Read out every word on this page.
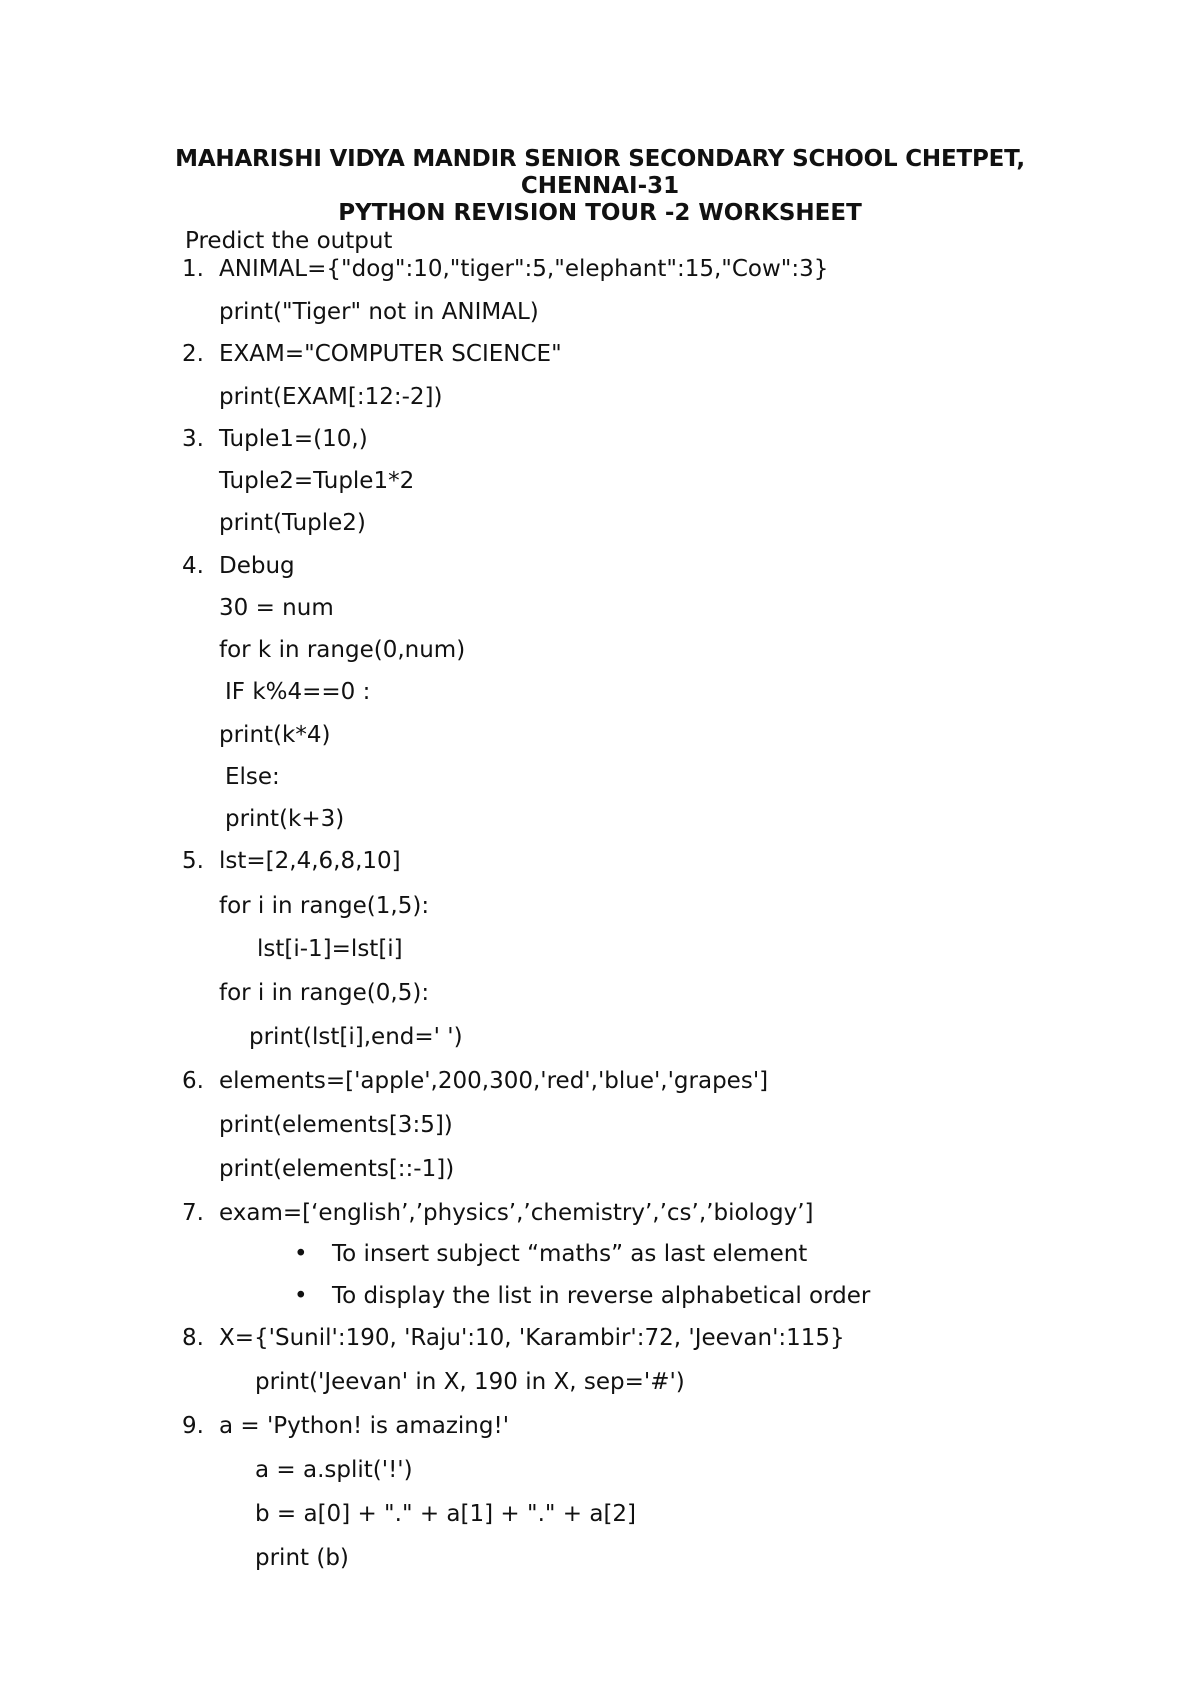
MAHARISHI VIDYA MANDIR SENIOR SECONDARY SCHOOL CHETPET,
CHENNAI-31
PYTHON REVISION TOUR -2 WORKSHEET
Predict the output
1. ANIMAL={"dog":10,"tiger":5,"elephant":15,"Cow":3}
print("Tiger" not in ANIMAL)
2. EXAM="COMPUTER SCIENCE"
print(EXAM[:12:-2])
3. Tuple1=(10,)
Tuple2=Tuple1*2
print(Tuple2)
4. Debug
30 = num
for k in range(0,num)
IF k%4==0 :
print(k*4)
Else:
print(k+3)
5. lst=[2,4,6,8,10]
for i in range(1,5):
lst[i-1]=lst[i]
for i in range(0,5):
print(lst[i],end=' ')
6. elements=['apple',200,300,'red','blue','grapes']
print(elements[3:5])
print(elements[::-1])
7. exam=[‘english’,’physics’,’chemistry’,’cs’,’biology’]
• To insert subject “maths” as last element
• To display the list in reverse alphabetical order
8. X={'Sunil':190, 'Raju':10, 'Karambir':72, 'Jeevan':115}
print('Jeevan' in X, 190 in X, sep='#')
9. a = 'Python! is amazing!'
a = a.split('!')
b = a[0] + "." + a[1] + "." + a[2]
print (b)
